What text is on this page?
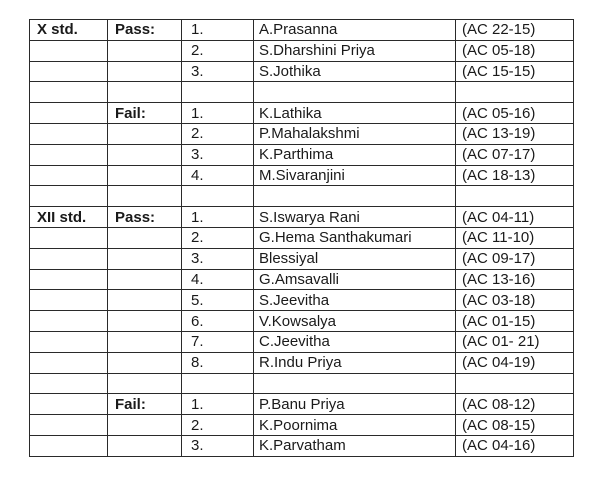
X std.	Pass:	1.	A.Prasanna	(AC 22-15)
		2.	S.Dharshini Priya	(AC 05-18)
		3.	S.Jothika	(AC 15-15)

	Fail:	1.	K.Lathika	(AC 05-16)
		2.	P.Mahalakshmi	(AC 13-19)
		3.	K.Parthima	(AC 07-17)
		4.	M.Sivaranjini	(AC 18-13)

XII std.	Pass:	1.	S.Iswarya Rani	(AC 04-11)
		2.	G.Hema Santhakumari	(AC 11-10)
		3.	Blessiyal	(AC 09-17)
		4.	G.Amsavalli	(AC 13-16)
		5.	S.Jeevitha	(AC 03-18)
		6.	V.Kowsalya	(AC 01-15)
		7.	C.Jeevitha	(AC 01- 21)
		8.	R.Indu Priya	(AC 04-19)

	Fail:	1.	P.Banu Priya	(AC 08-12)
		2.	K.Poornima	(AC 08-15)
		3.	K.Parvatham	(AC 04-16)
